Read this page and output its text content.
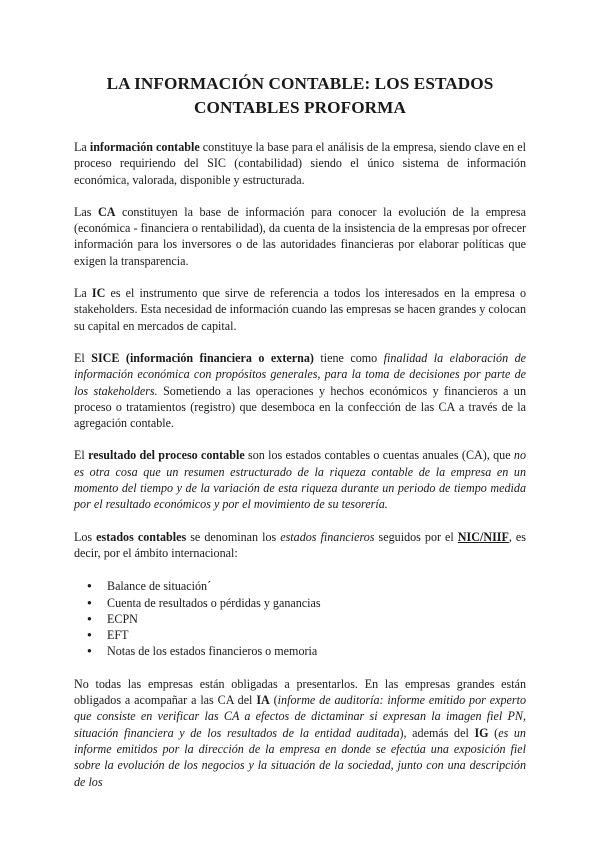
LA INFORMACIÓN CONTABLE: LOS ESTADOS
CONTABLES PROFORMA

La información contable constituye la base para el análisis de la empresa, siendo clave en el proceso requiriendo del SIC (contabilidad) siendo el único sistema de información económica, valorada, disponible y estructurada.

Las CA constituyen la base de información para conocer la evolución de la empresa (económica - financiera o rentabilidad), da cuenta de la insistencia de la empresas por ofrecer información para los inversores o de las autoridades financieras por elaborar políticas que exigen la transparencia.

La IC es el instrumento que sirve de referencia a todos los interesados en la empresa o stakeholders. Esta necesidad de información cuando las empresas se hacen grandes y colocan su capital en mercados de capital.

El SICE (información financiera o externa) tiene como finalidad la elaboración de información económica con propósitos generales, para la toma de decisiones por parte de los stakeholders. Sometiendo a las operaciones y hechos económicos y financieros a un proceso o tratamientos (registro) que desemboca en la confección de las CA a través de la agregación contable.

El resultado del proceso contable son los estados contables o cuentas anuales (CA), que no es otra cosa que un resumen estructurado de la riqueza contable de la empresa en un momento del tiempo y de la variación de esta riqueza durante un periodo de tiempo medida por el resultado económicos y por el movimiento de su tesorería.

Los estados contables se denominan los estados financieros seguidos por el NIC/NIIF, es decir, por el ámbito internacional:

● Balance de situación´
● Cuenta de resultados o pérdidas y ganancias
● ECPN
● EFT
● Notas de los estados financieros o memoria

No todas las empresas están obligadas a presentarlos. En las empresas grandes están obligados a acompañar a las CA del IA (informe de auditoría: informe emitido por experto que consiste en verificar las CA a efectos de dictaminar si expresan la imagen fiel PN, situación financiera y de los resultados de la entidad auditada), además del IG (es un informe emitidos por la dirección de la empresa en donde se efectúa una exposición fiel sobre la evolución de los negocios y la situación de la sociedad, junto con una descripción de los
